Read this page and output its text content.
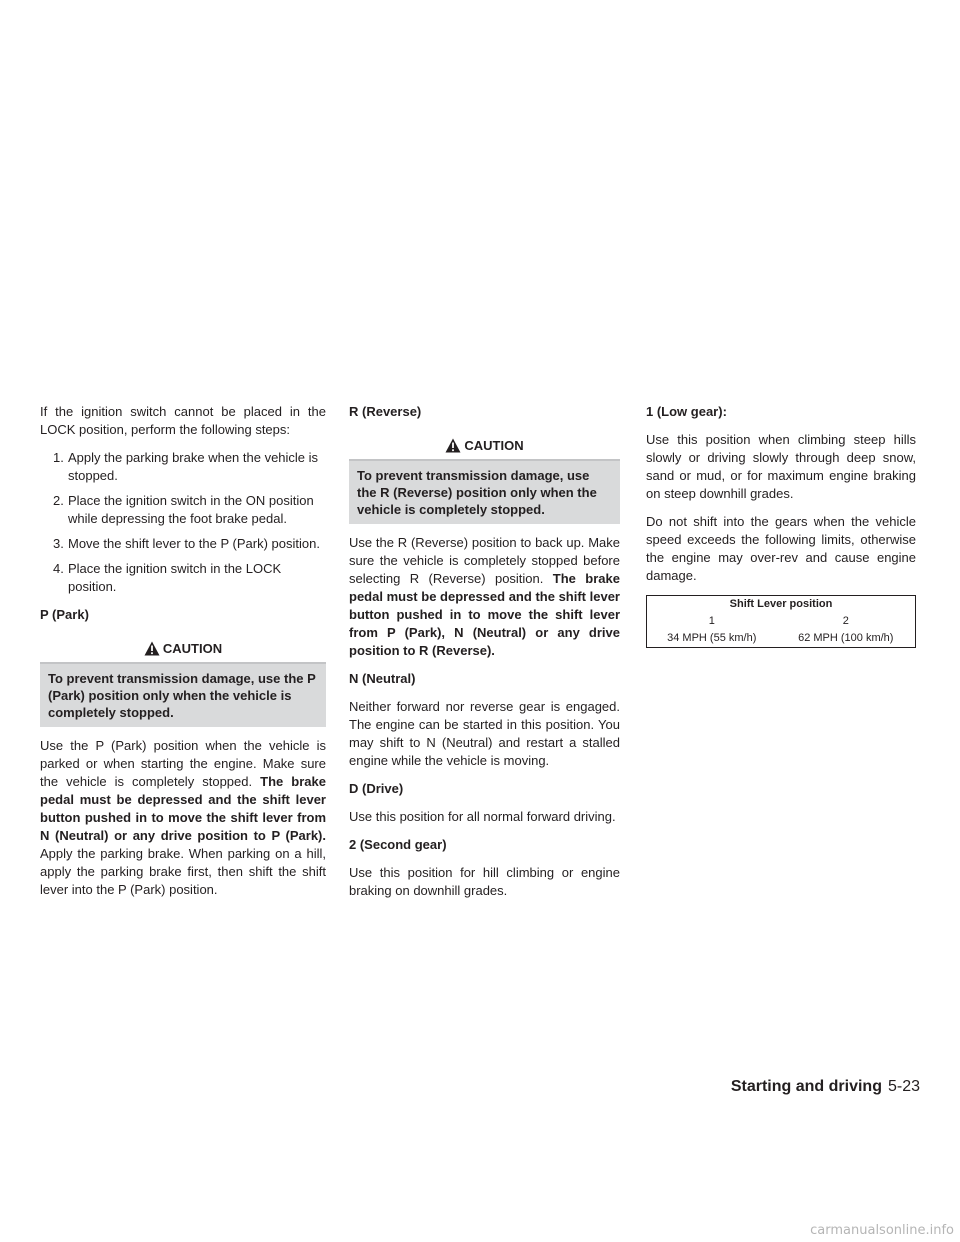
If the ignition switch cannot be placed in the LOCK position, perform the following steps:

1. Apply the parking brake when the vehicle is stopped.
2. Place the ignition switch in the ON position while depressing the foot brake pedal.
3. Move the shift lever to the P (Park) position.
4. Place the ignition switch in the LOCK position.
P (Park)
CAUTION
To prevent transmission damage, use the P (Park) position only when the vehicle is completely stopped.

Use the P (Park) position when the vehicle is parked or when starting the engine. Make sure the vehicle is completely stopped. The brake pedal must be depressed and the shift lever button pushed in to move the shift lever from N (Neutral) or any drive position to P (Park). Apply the parking brake. When parking on a hill, apply the parking brake first, then shift the shift lever into the P (Park) position.

R (Reverse)
CAUTION
To prevent transmission damage, use the R (Reverse) position only when the vehicle is completely stopped.

Use the R (Reverse) position to back up. Make sure the vehicle is completely stopped before selecting R (Reverse) position. The brake pedal must be depressed and the shift lever button pushed in to move the shift lever from P (Park), N (Neutral) or any drive position to R (Reverse).

N (Neutral)

Neither forward nor reverse gear is engaged. The engine can be started in this position. You may shift to N (Neutral) and restart a stalled engine while the vehicle is moving.

D (Drive)

Use this position for all normal forward driving.

2 (Second gear)

Use this position for hill climbing or engine braking on downhill grades.

1 (Low gear):

Use this position when climbing steep hills slowly or driving slowly through deep snow, sand or mud, or for maximum engine braking on steep downhill grades.

Do not shift into the gears when the vehicle speed exceeds the following limits, otherwise the engine may over-rev and cause engine damage.

Shift Lever position	
1	2
34 MPH (55 km/h)	62 MPH (100 km/h)
Starting and driving 5-23
carmanualsonline.info
